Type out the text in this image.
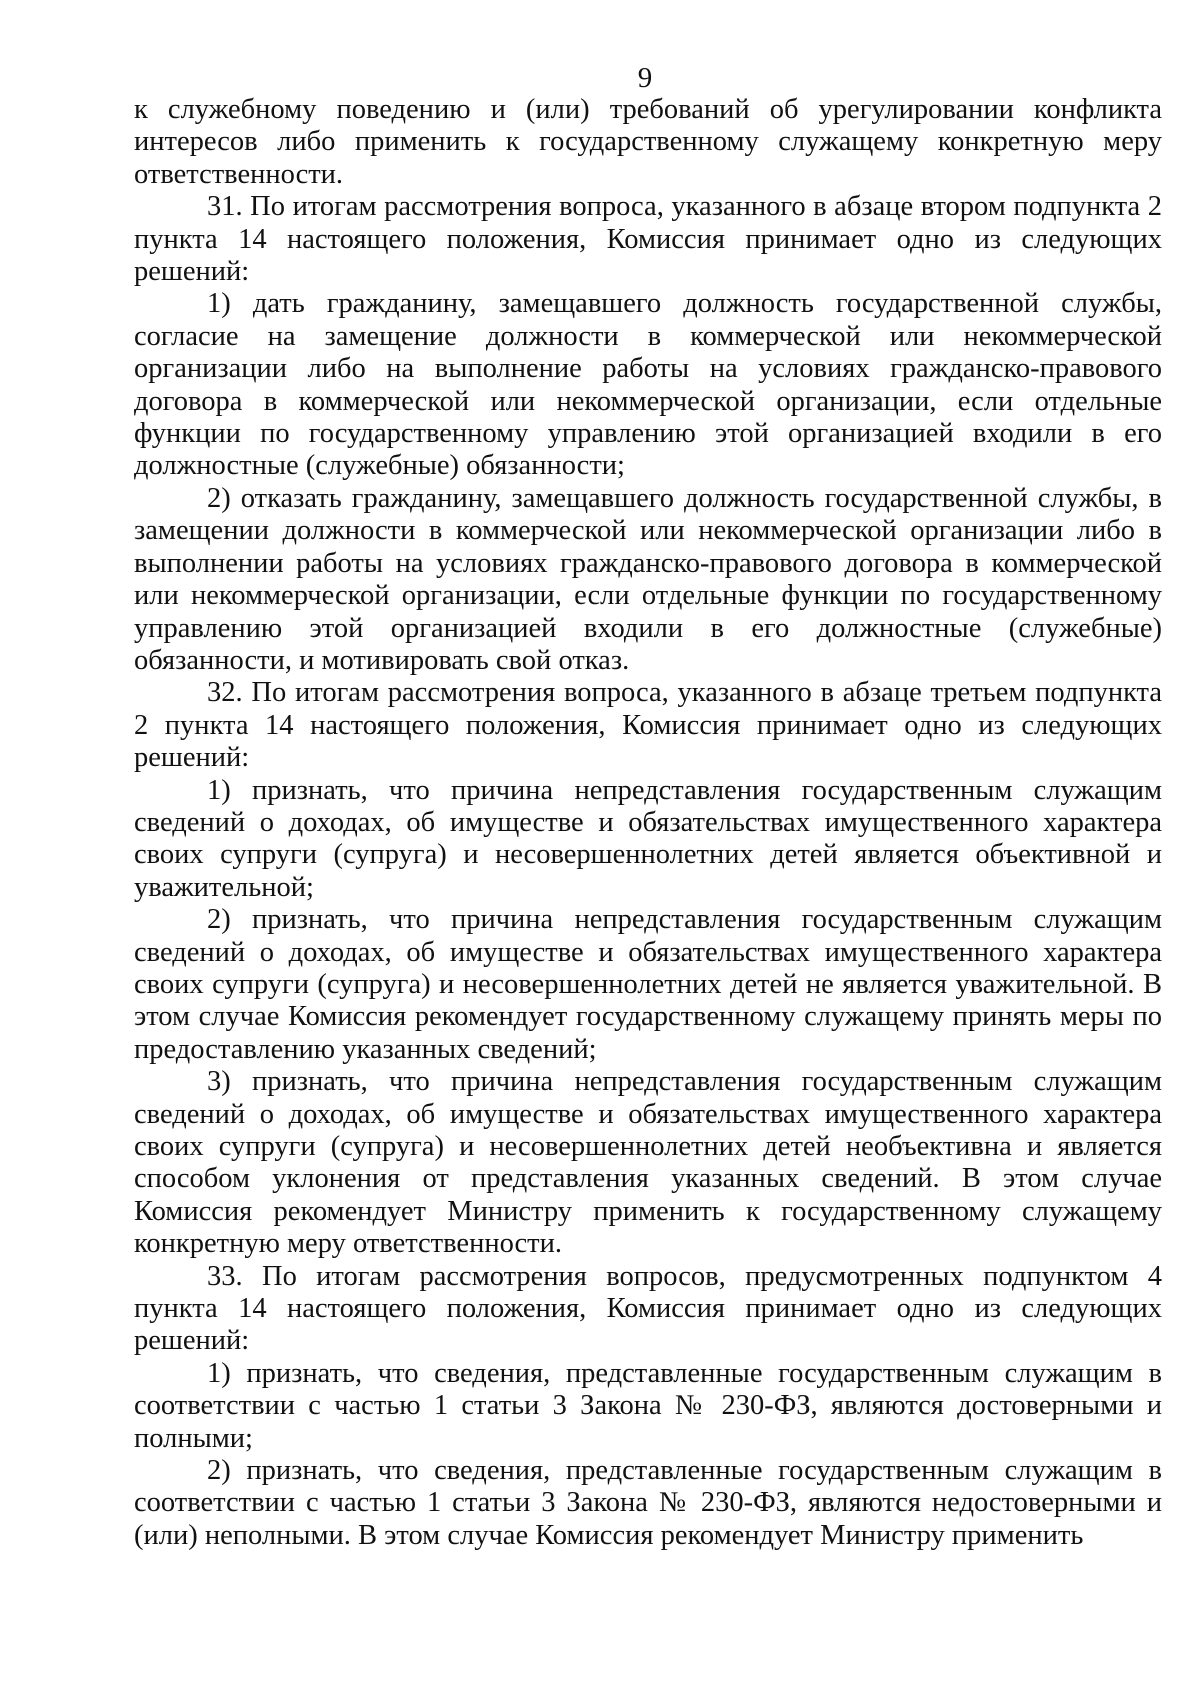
9

к служебному поведению и (или) требований об урегулировании конфликта интересов либо применить к государственному служащему конкретную меру ответственности.

31. По итогам рассмотрения вопроса, указанного в абзаце втором подпункта 2 пункта 14 настоящего положения, Комиссия принимает одно из следующих решений:

1) дать гражданину, замещавшего должность государственной службы, согласие на замещение должности в коммерческой или некоммерческой организации либо на выполнение работы на условиях гражданско-правового договора в коммерческой или некоммерческой организации, если отдельные функции по государственному управлению этой организацией входили в его должностные (служебные) обязанности;

2) отказать гражданину, замещавшего должность государственной службы, в замещении должности в коммерческой или некоммерческой организации либо в выполнении работы на условиях гражданско-правового договора в коммерческой или некоммерческой организации, если отдельные функции по государственному управлению этой организацией входили в его должностные (служебные) обязанности, и мотивировать свой отказ.

32. По итогам рассмотрения вопроса, указанного в абзаце третьем подпункта 2 пункта 14 настоящего положения, Комиссия принимает одно из следующих решений:

1) признать, что причина непредставления государственным служащим сведений о доходах, об имуществе и обязательствах имущественного характера своих супруги (супруга) и несовершеннолетних детей является объективной и уважительной;

2) признать, что причина непредставления государственным служащим сведений о доходах, об имуществе и обязательствах имущественного характера своих супруги (супруга) и несовершеннолетних детей не является уважительной. В этом случае Комиссия рекомендует государственному служащему принять меры по предоставлению указанных сведений;

3) признать, что причина непредставления государственным служащим сведений о доходах, об имуществе и обязательствах имущественного характера своих супруги (супруга) и несовершеннолетних детей необъективна и является способом уклонения от представления указанных сведений. В этом случае Комиссия рекомендует Министру применить к государственному служащему конкретную меру ответственности.

33. По итогам рассмотрения вопросов, предусмотренных подпунктом 4 пункта 14 настоящего положения, Комиссия принимает одно из следующих решений:

1) признать, что сведения, представленные государственным служащим в соответствии с частью 1 статьи 3 Закона № 230-ФЗ, являются достоверными и полными;

2) признать, что сведения, представленные государственным служащим в соответствии с частью 1 статьи 3 Закона № 230-ФЗ, являются недостоверными и (или) неполными. В этом случае Комиссия рекомендует Министру применить
